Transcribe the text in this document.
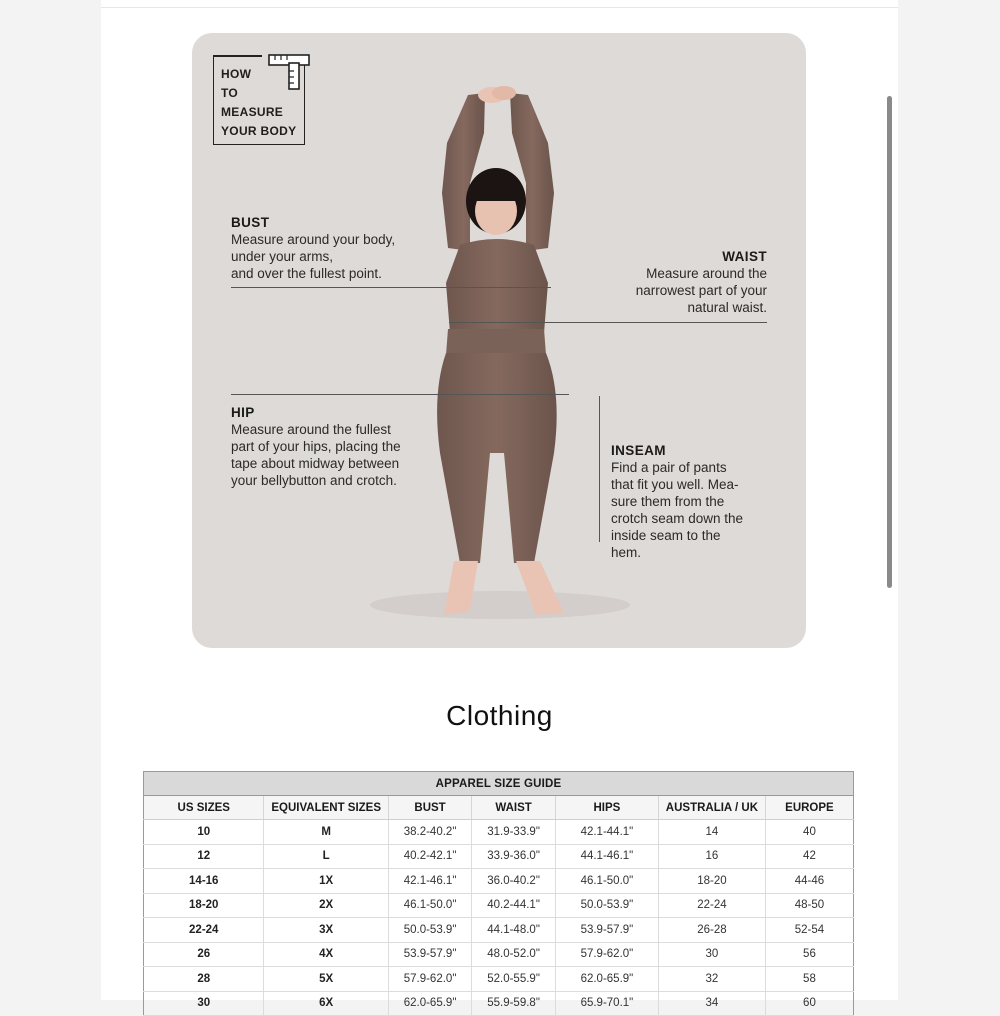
HOW
TO
MEASURE
YOUR BODY
BUST
Measure around your body,
under your arms,
and over the fullest point.
WAIST
Measure around the
narrowest part of your
natural waist.
HIP
Measure around the fullest
part of your hips, placing the
tape about midway between
your bellybutton and crotch.
INSEAM
Find a pair of pants
that fit you well. Mea-
sure them from the
crotch seam down the
inside seam to the
hem.
Clothing
APPAREL SIZE GUIDE						
US SIZES	EQUIVALENT SIZES	BUST	WAIST	HIPS	AUSTRALIA / UK	EUROPE
10	M	38.2-40.2"	31.9-33.9"	42.1-44.1"	14	40
12	L	40.2-42.1"	33.9-36.0"	44.1-46.1"	16	42
14-16	1X	42.1-46.1"	36.0-40.2"	46.1-50.0"	18-20	44-46
18-20	2X	46.1-50.0"	40.2-44.1"	50.0-53.9"	22-24	48-50
22-24	3X	50.0-53.9"	44.1-48.0"	53.9-57.9"	26-28	52-54
26	4X	53.9-57.9"	48.0-52.0"	57.9-62.0"	30	56
28	5X	57.9-62.0"	52.0-55.9"	62.0-65.9"	32	58
30	6X	62.0-65.9"	55.9-59.8"	65.9-70.1"	34	60
